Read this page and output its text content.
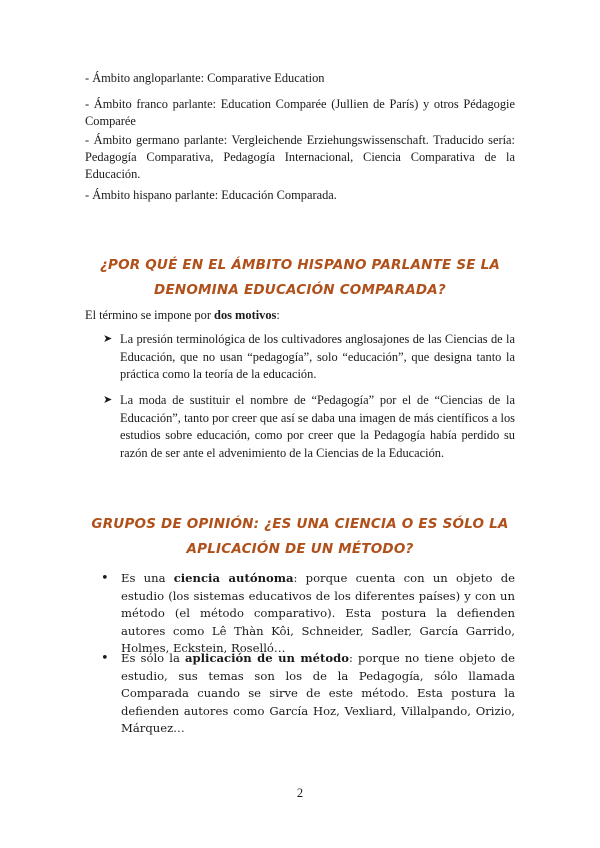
- Ámbito angloparlante: Comparative Education
- Ámbito franco parlante: Education Comparée (Jullien de París) y otros Pédagogie Comparée
- Ámbito germano parlante: Vergleichende Erziehungswissenschaft. Traducido sería: Pedagogía Comparativa, Pedagogía Internacional, Ciencia Comparativa de la Educación.
- Ámbito hispano parlante: Educación Comparada.
¿POR QUÉ EN EL ÁMBITO HISPANO PARLANTE SE LA DENOMINA EDUCACIÓN COMPARADA?
El término se impone por dos motivos:
➤ La presión terminológica de los cultivadores anglosajones de las Ciencias de la Educación, que no usan “pedagogía”, solo “educación”, que designa tanto la práctica como la teoría de la educación.
➤ La moda de sustituir el nombre de “Pedagogía” por el de “Ciencias de la Educación”, tanto por creer que así se daba una imagen de más científicos a los estudios sobre educación, como por creer que la Pedagogía había perdido su razón de ser ante el advenimiento de la Ciencias de la Educación.
GRUPOS DE OPINIÓN: ¿ES UNA CIENCIA O ES SÓLO LA APLICACIÓN DE UN MÉTODO?
• Es una ciencia autónoma: porque cuenta con un objeto de estudio (los sistemas educativos de los diferentes países) y con un método (el método comparativo). Esta postura la defienden autores como Lê Thàn Kôi, Schneider, Sadler, García Garrido, Holmes, Eckstein, Roselló…
• Es sólo la aplicación de un método: porque no tiene objeto de estudio, sus temas son los de la Pedagogía, sólo llamada Comparada cuando se sirve de este método. Esta postura la defienden autores como García Hoz, Vexliard, Villalpando, Orizio, Márquez…
2
